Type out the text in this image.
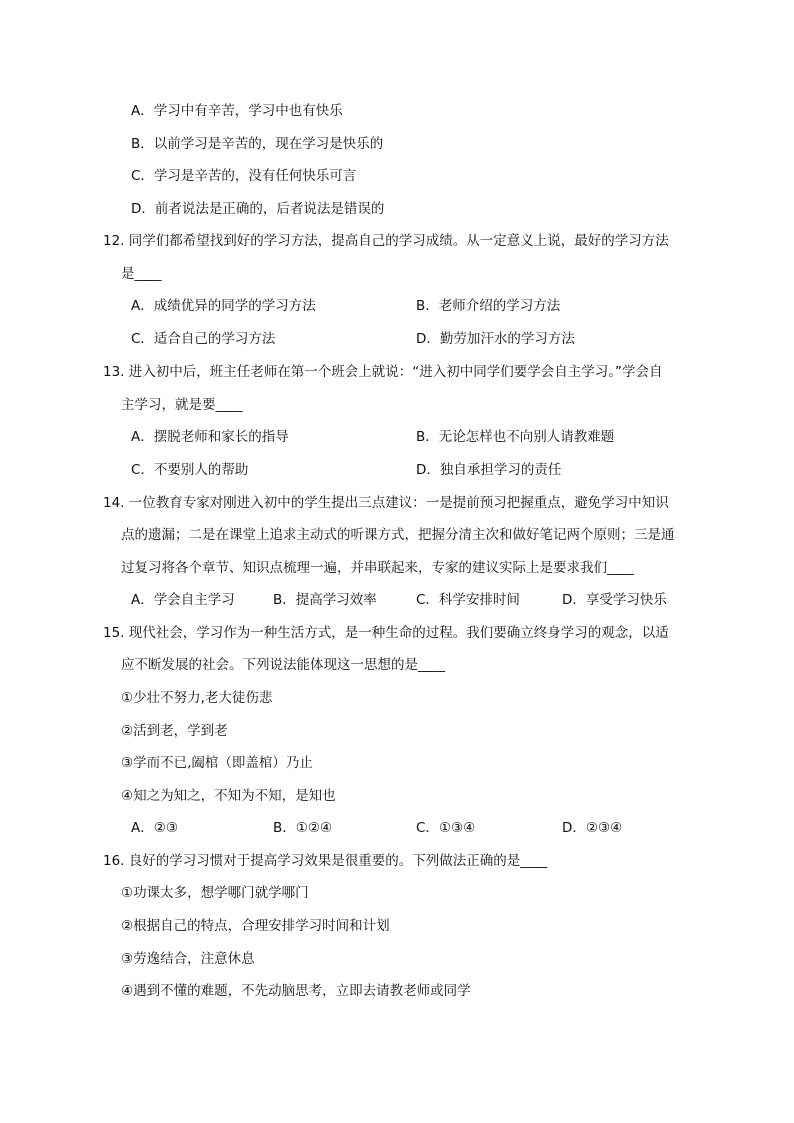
A．学习中有辛苦，学习中也有快乐
B．以前学习是辛苦的，现在学习是快乐的
C．学习是辛苦的，没有任何快乐可言
D．前者说法是正确的，后者说法是错误的
12. 同学们都希望找到好的学习方法，提高自己的学习成绩。从一定意义上说，最好的学习方法
是____
A．成绩优异的同学的学习方法	B．老师介绍的学习方法
C．适合自己的学习方法	D．勤劳加汗水的学习方法
13. 进入初中后，班主任老师在第一个班会上就说：“进入初中同学们要学会自主学习。”学会自
主学习，就是要____
A．摆脱老师和家长的指导	B．无论怎样也不向别人请教难题
C．不要别人的帮助	D．独自承担学习的责任
14. 一位教育专家对刚进入初中的学生提出三点建议：一是提前预习把握重点，避免学习中知识
点的遗漏；二是在课堂上追求主动式的听课方式，把握分清主次和做好笔记两个原则；三是通
过复习将各个章节、知识点梳理一遍，并串联起来，专家的建议实际上是要求我们____
A．学会自主学习	B．提高学习效率	C．科学安排时间	D．享受学习快乐
15. 现代社会，学习作为一种生活方式，是一种生命的过程。我们要确立终身学习的观念，以适
应不断发展的社会。下列说法能体现这一思想的是____
①少壮不努力,老大徒伤悲
②活到老，学到老
③学而不已,阖棺（即盖棺）乃止
④知之为知之，不知为不知，是知也
A．②③	B．①②④	C．①③④	D．②③④
16. 良好的学习习惯对于提高学习效果是很重要的。下列做法正确的是____
①功课太多，想学哪门就学哪门
②根据自己的特点，合理安排学习时间和计划
③劳逸结合，注意休息
④遇到不懂的难题，不先动脑思考，立即去请教老师或同学
